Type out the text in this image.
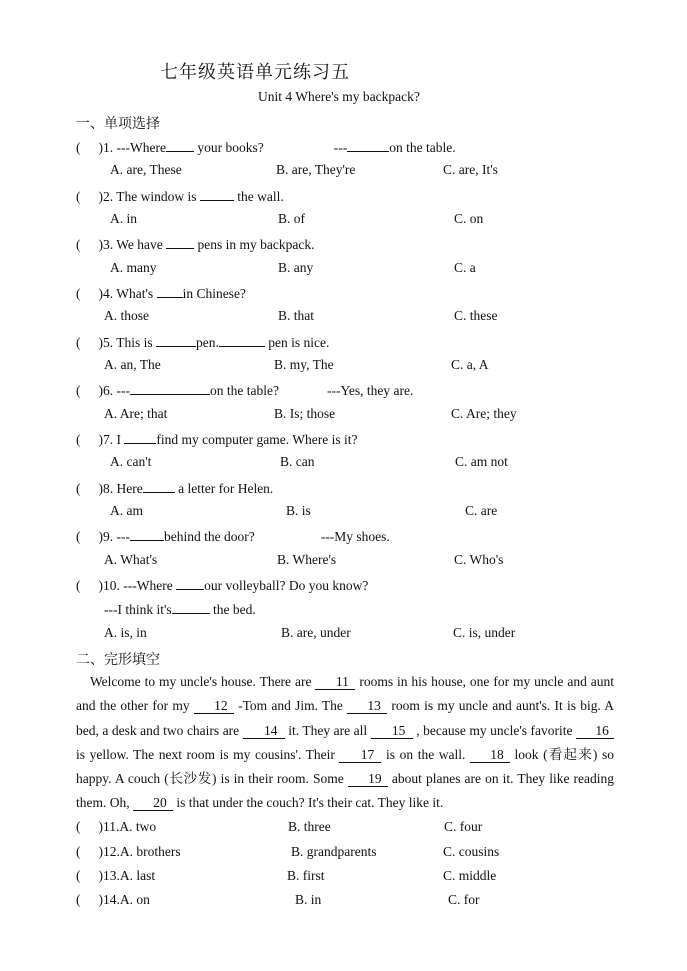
七年级英语单元练习五
Unit 4 Where's my backpack?
一、单项选择
( )1. ---Where your books?	---	on the table.
A. are, These	B. are, They're	C. are, It's
( )2. The window is	the wall.
A. in	B. of	C. on
( )3. We have	pens in my backpack.
A. many	B. any	C. a
( )4. What's in Chinese?
A. those	B. that	C. these
( )5. This is	pen.	pen is nice.
A. an, The	B. my, The	C. a, A
( )6. ---	on the table?	---Yes, they are.
A. Are; that	B. Is; those	C. Are; they
( )7. I	find my computer game. Where is it?
A. can't	B. can	C. am not
( )8. Here	a letter for Helen.
A. am	B. is	C. are
( )9. ---	behind the door?	---My shoes.
A. What's	B. Where's	C. Who's
( )10. ---Where our volleyball? Do you know?
---I think it's	the bed.
A. is, in	B. are, under	C. is, under
二、完形填空
Welcome to my uncle's house. There are 11 rooms in his house, one for my uncle and aunt and the other for my 12 -Tom and Jim. The 13 room is my uncle and aunt's. It is big. A bed, a desk and two chairs are 14 it. They are all 15 , because my uncle's favorite 16 is yellow. The next room is my cousins'. Their 17 is on the wall. 18 look (看起来) so happy. A couch (长沙发) is in their room. Some 19 about planes are on it. They like reading them. Oh, 20 is that under the couch? It's their cat. They like it.
( )11.A. two	B. three	C. four
( )12.A. brothers	B. grandparents	C. cousins
( )13.A. last	B. first	C. middle
( )14.A. on	B. in	C. for
